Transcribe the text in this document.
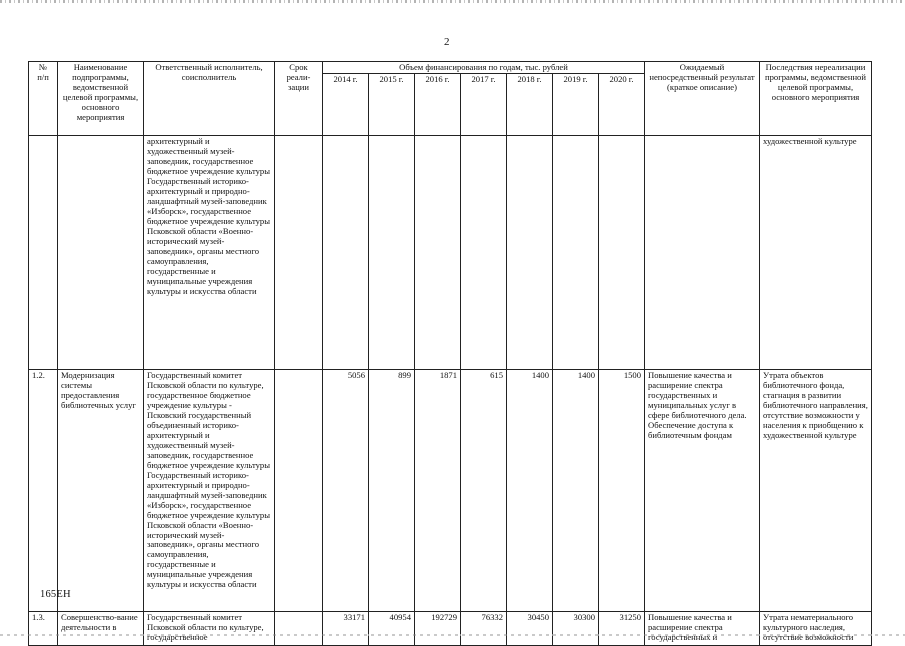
2
№
п/п	Наименование подпрограммы, ведомственной целевой программы, основного мероприятия	Ответственный исполнитель, соисполнитель	Срок реали-зации	Объем финансирования по годам, тыс. рублей							Ожидаемый непосредственный результат (краткое описание)	Последствия нереализации программы, ведомственной целевой программы, основного мероприятия
				2014 г.	2015 г.	2016 г.	2017 г.	2018 г.	2019 г.	2020 г.		
		архитектурный и художественный музей-заповедник, государственное бюджетное учреждение культуры Государственный историко-архитектурный и природно-ландшафтный музей-заповедник «Изборск», государственное бюджетное учреждение культуры Псковской области «Военно-исторический музей-заповедник», органы местного самоуправления, государственные и муниципальные учреждения культуры и искусства области										художественной культуре
1.2.	Модернизация системы предоставления библиотечных услуг	Государственный комитет Псковской области по культуре, государственное бюджетное учреждение культуры - Псковский государственный объединенный историко-архитектурный и художественный музей-заповедник, государственное бюджетное учреждение культуры Государственный историко-архитектурный и природно-ландшафтный музей-заповедник «Изборск», государственное бюджетное учреждение культуры Псковской области «Военно-исторический музей-заповедник», органы местного самоуправления, государственные и муниципальные учреждения культуры и искусства области		5056	899	1871	615	1400	1400	1500	Повышение качества и расширение спектра государственных и муниципальных услуг в сфере библиотечного дела. Обеспечение доступа к библиотечным фондам	Утрата объектов библиотечного фонда, стагнация в развитии библиотечного направления, отсутствие возможности у населения к приобщению к художественной культуре
1.3.	Совершенство-вание деятельности в	Государственный комитет Псковской области по культуре, государственное		33171	40954	192729	76332	30450	30300	31250	Повышение качества и расширение спектра государственных и	Утрата нематериального культурного наследия, отсутствие возможности
165EH
